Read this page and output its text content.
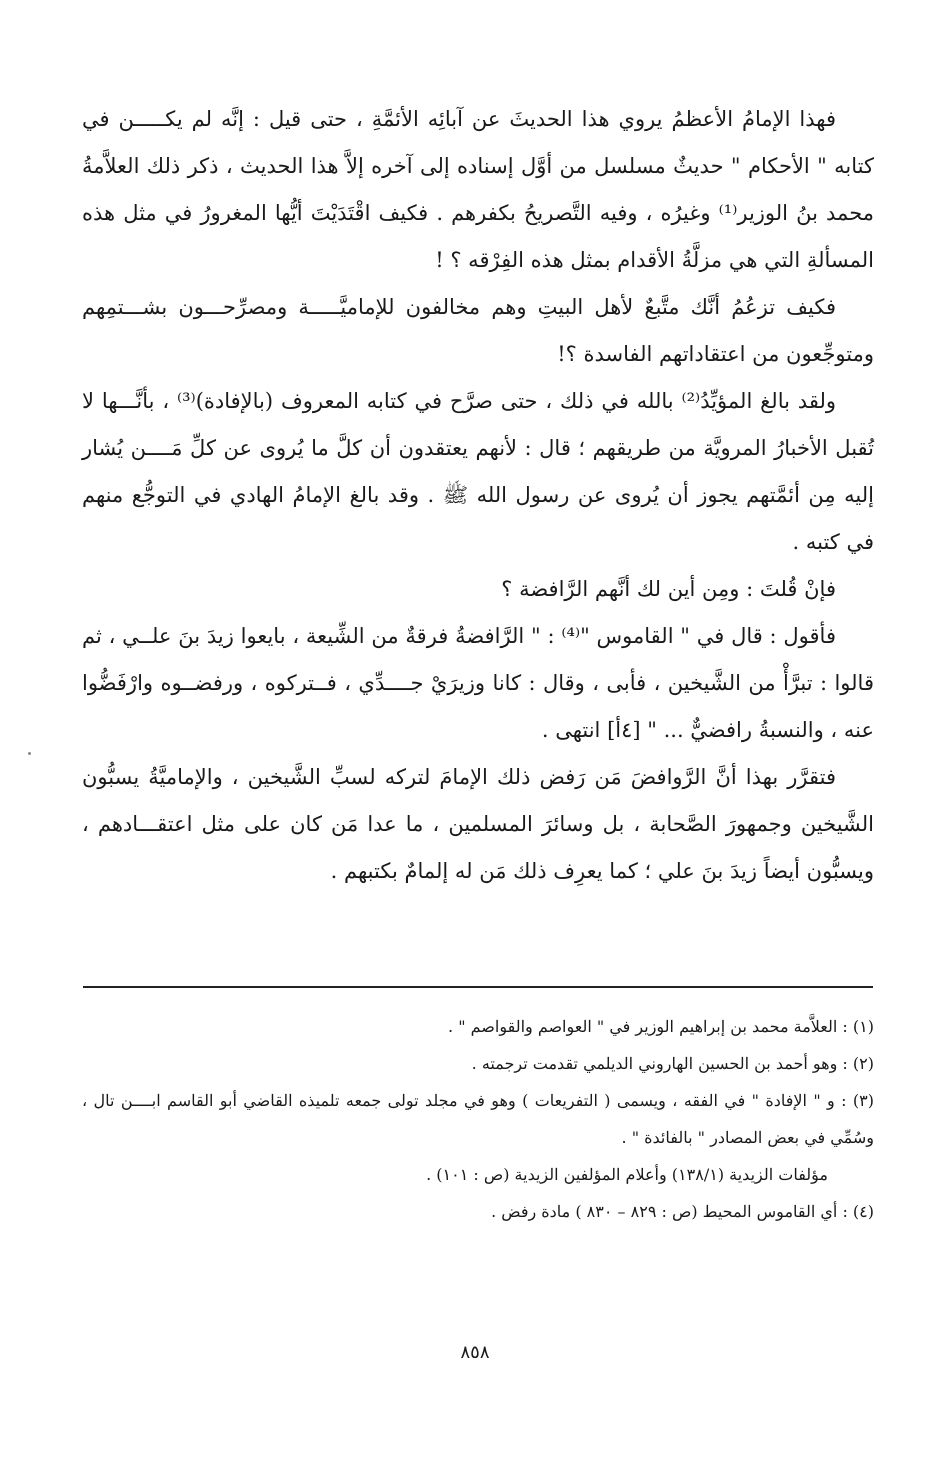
فهذا الإمامُ الأعظمُ يروي هذا الحديثَ عن آبائِه الأئمَّةِ ، حتى قيل : إنَّه لم يكـــــن في كتابه " الأحكام " حديثٌ مسلسل من أوَّل إسناده إلى آخره إلاَّ هذا الحديث ، ذكر ذلك العلاَّمةُ محمد بنُ الوزير⁽¹⁾ وغيرُه ، وفيه التَّصريحُ بكفرهم . فكيف اقْتَدَيْتَ أيُّها المغرورُ في مثل هذه المسألةِ التي هي مزلَّةُ الأقدام بمثل هذه الفِرْقه ؟ !

فكيف تزعُمُ أنَّك متَّبعٌ لأهل البيتِ وهم مخالفون للإماميَّـــــة ومصرِّحـــون بشـــتمِهم ومتوجِّعون من اعتقاداتهم الفاسدة ؟!

ولقد بالغ المؤيِّدُ⁽²⁾ بالله في ذلك ، حتى صرَّح في كتابه المعروف (بالإفادة)⁽³⁾ ، بأنَّـــها لا تُقبل الأخبارُ المرويَّة من طريقهم ؛ قال : لأنهم يعتقدون أن كلَّ ما يُروى عن كلِّ مَــــن يُشار إليه مِن أئمَّتهم يجوز أن يُروى عن رسول الله ﷺ . وقد بالغ الإمامُ الهادي في التوجُّع منهم في كتبه .

فإنْ قُلتَ : ومِن أين لك أنَّهم الرَّافضة ؟

فأقول : قال في " القاموس "⁽⁴⁾ : " الرَّافضةُ فرقةٌ من الشِّيعة ، بايعوا زيدَ بنَ علــي ، ثم قالوا : تبرَّأْ من الشَّيخين ، فأبى ، وقال : كانا وزيرَيْ جــــدِّي ، فــتركوه ، ورفضــوه وارْفَضُّوا عنه ، والنسبةُ رافضيٌّ ... " [٤أ] انتهى .

فتقرَّر بهذا أنَّ الرَّوافضَ مَن رَفض ذلك الإمامَ لتركه لسبِّ الشَّيخين ، والإماميَّةُ يسبُّون الشَّيخين وجمهورَ الصَّحابة ، بل وسائرَ المسلمين ، ما عدا مَن كان على مثل اعتقـــادهم ، ويسبُّون أيضاً زيدَ بنَ علي ؛ كما يعرِف ذلك مَن له إلمامٌ بكتبهم .

(١) : العلاَّمة محمد بن إبراهيم الوزير في " العواصم والقواصم " .

(٢) : وهو أحمد بن الحسين الهاروني الديلمي تقدمت ترجمته .

(٣) : و " الإفادة " في الفقه ، ويسمى ( التفريعات ) وهو في مجلد تولى جمعه تلميذه القاضي أبو القاسم ابــــن تال ، وسُمِّي في بعض المصادر " بالفائدة " .

مؤلفات الزيدية (١٣٨/١) وأعلام المؤلفين الزيدية (ص : ١٠١) .

(٤) : أي القاموس المحيط (ص : ٨٢٩ – ٨٣٠ ) مادة رفض .

٨٥٨
